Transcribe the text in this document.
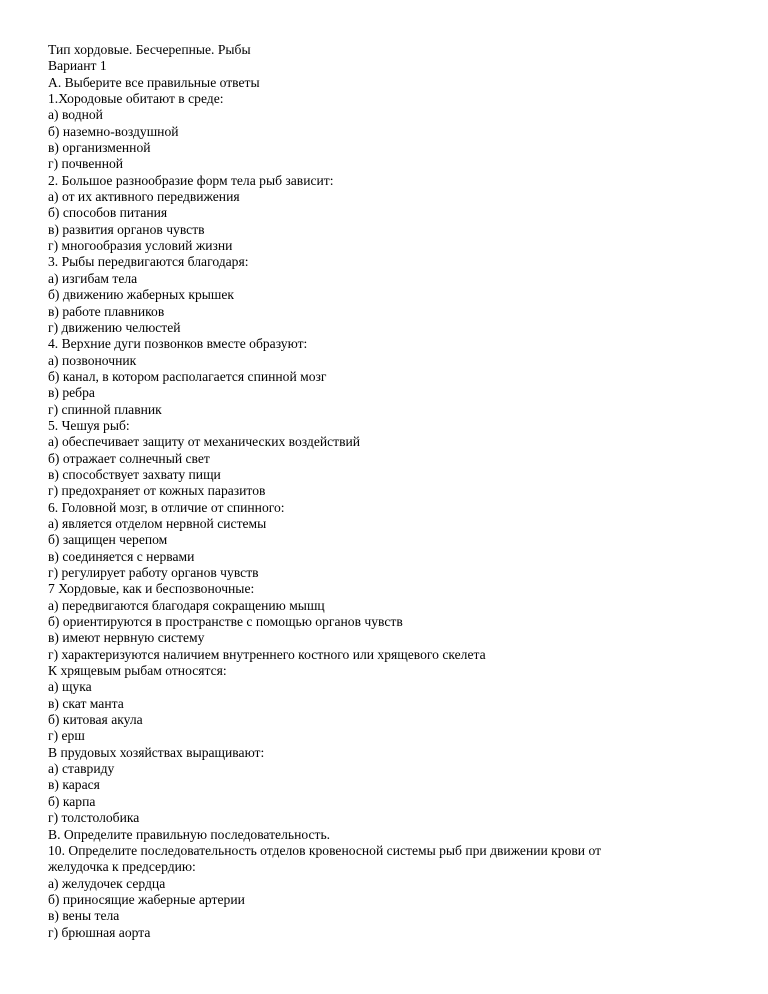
Тип хордовые. Бесчерепные. Рыбы
Вариант 1
А. Выберите все правильные ответы
1.Хородовые обитают в среде:
а) водной
б) наземно-воздушной
в) организменной
г) почвенной
2. Большое разнообразие форм тела рыб зависит:
а) от их активного передвижения
б) способов питания
в) развития органов чувств
г) многообразия условий жизни
3. Рыбы передвигаются благодаря:
а) изгибам тела
б) движению жаберных крышек
в) работе плавников
г) движению челюстей
4. Верхние дуги позвонков вместе образуют:
а) позвоночник
б) канал, в котором располагается спинной мозг
в) ребра
г) спинной плавник
5. Чешуя рыб:
а) обеспечивает защиту от механических воздействий
б) отражает солнечный свет
в) способствует захвату пищи
г) предохраняет от кожных паразитов
6. Головной мозг, в отличие от спинного:
а) является отделом нервной системы
б) защищен черепом
в) соединяется с нервами
г) регулирует работу органов чувств
7 Хордовые, как и беспозвоночные:
а) передвигаются благодаря сокращению мышц
б) ориентируются в пространстве с помощью органов чувств
в) имеют нервную систему
г) характеризуются наличием внутреннего костного или хрящевого скелета
К хрящевым рыбам относятся:
а) щука
в) скат манта
б) китовая акула
г) ерш
В прудовых хозяйствах выращивают:
а) ставриду
в) карася
б) карпа
г) толстолобика
В. Определите правильную последовательность.
10. Определите последовательность отделов кровеносной системы рыб при движении крови от
желудочка к предсердию:
а) желудочек сердца
б) приносящие жаберные артерии
в) вены тела
г) брюшная аорта
